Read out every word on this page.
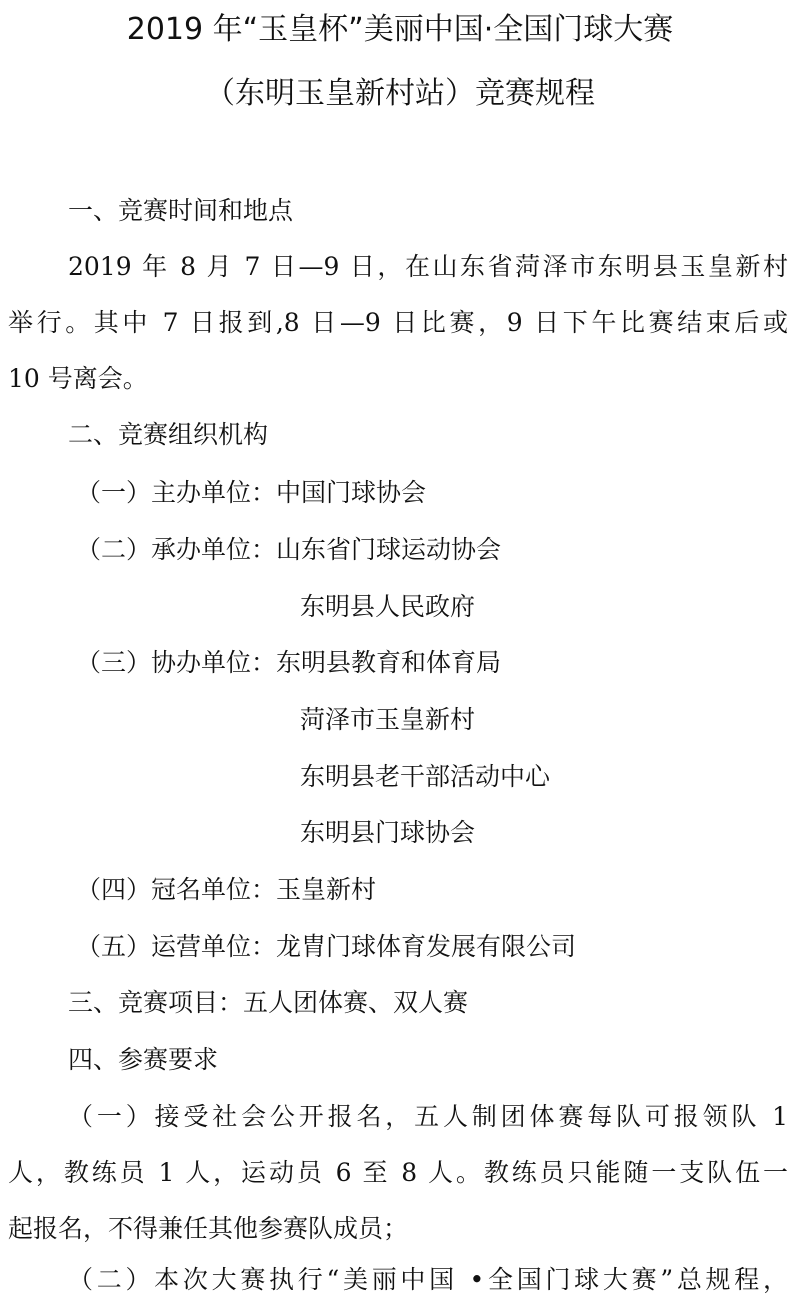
2019 年“玉皇杯”美丽中国·全国门球大赛
（东明玉皇新村站）竞赛规程
一、竞赛时间和地点
2019 年 8 月 7 日—9 日，在山东省菏泽市东明县玉皇新村
举行。其中 7 日报到,8 日—9 日比赛，9 日下午比赛结束后或
10 号离会。
二、竞赛组织机构
（一）主办单位：中国门球协会
（二）承办单位：山东省门球运动协会
东明县人民政府
（三）协办单位：东明县教育和体育局
菏泽市玉皇新村
东明县老干部活动中心
东明县门球协会
（四）冠名单位：玉皇新村
（五）运营单位：龙胄门球体育发展有限公司
三、竞赛项目：五人团体赛、双人赛
四、参赛要求
（一）接受社会公开报名，五人制团体赛每队可报领队 1
人，教练员 1 人，运动员 6 至 8 人。教练员只能随一支队伍一
起报名，不得兼任其他参赛队成员；
（二）本次大赛执行“美丽中国 •全国门球大赛”总规程，
